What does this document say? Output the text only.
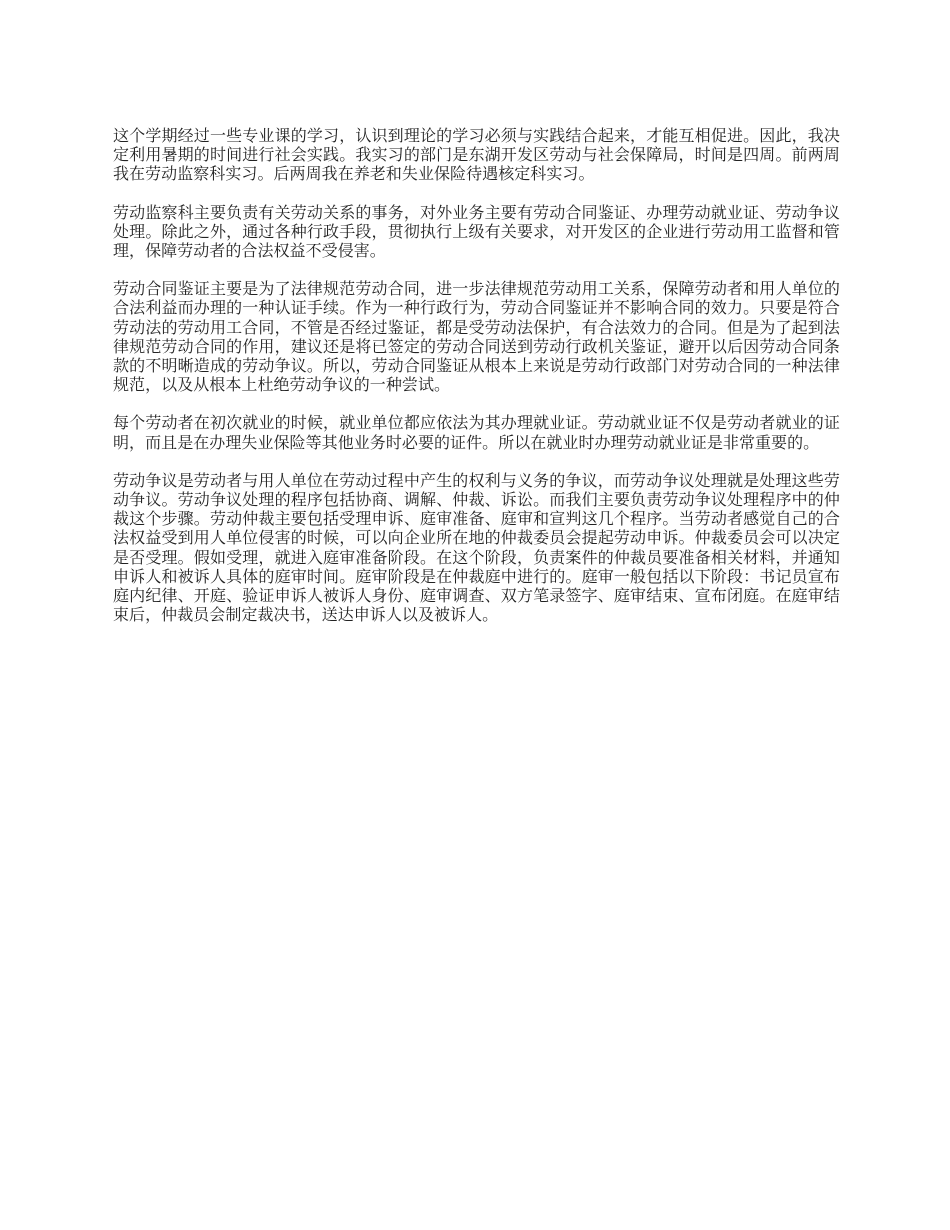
这个学期经过一些专业课的学习，认识到理论的学习必须与实践结合起来，才能互相促进。因此，我决定利用暑期的时间进行社会实践。我实习的部门是东湖开发区劳动与社会保障局，时间是四周。前两周我在劳动监察科实习。后两周我在养老和失业保险待遇核定科实习。

劳动监察科主要负责有关劳动关系的事务，对外业务主要有劳动合同鉴证、办理劳动就业证、劳动争议处理。除此之外，通过各种行政手段，贯彻执行上级有关要求，对开发区的企业进行劳动用工监督和管理，保障劳动者的合法权益不受侵害。

劳动合同鉴证主要是为了法律规范劳动合同，进一步法律规范劳动用工关系，保障劳动者和用人单位的合法利益而办理的一种认证手续。作为一种行政行为，劳动合同鉴证并不影响合同的效力。只要是符合劳动法的劳动用工合同，不管是否经过鉴证，都是受劳动法保护，有合法效力的合同。但是为了起到法律规范劳动合同的作用，建议还是将已签定的劳动合同送到劳动行政机关鉴证，避开以后因劳动合同条款的不明晰造成的劳动争议。所以，劳动合同鉴证从根本上来说是劳动行政部门对劳动合同的一种法律规范，以及从根本上杜绝劳动争议的一种尝试。

每个劳动者在初次就业的时候，就业单位都应依法为其办理就业证。劳动就业证不仅是劳动者就业的证明，而且是在办理失业保险等其他业务时必要的证件。所以在就业时办理劳动就业证是非常重要的。

劳动争议是劳动者与用人单位在劳动过程中产生的权利与义务的争议，而劳动争议处理就是处理这些劳动争议。劳动争议处理的程序包括协商、调解、仲裁、诉讼。而我们主要负责劳动争议处理程序中的仲裁这个步骤。劳动仲裁主要包括受理申诉、庭审准备、庭审和宣判这几个程序。当劳动者感觉自己的合法权益受到用人单位侵害的时候，可以向企业所在地的仲裁委员会提起劳动申诉。仲裁委员会可以决定是否受理。假如受理，就进入庭审准备阶段。在这个阶段，负责案件的仲裁员要准备相关材料，并通知申诉人和被诉人具体的庭审时间。庭审阶段是在仲裁庭中进行的。庭审一般包括以下阶段：书记员宣布庭内纪律、开庭、验证申诉人被诉人身份、庭审调查、双方笔录签字、庭审结束、宣布闭庭。在庭审结束后，仲裁员会制定裁决书，送达申诉人以及被诉人。
